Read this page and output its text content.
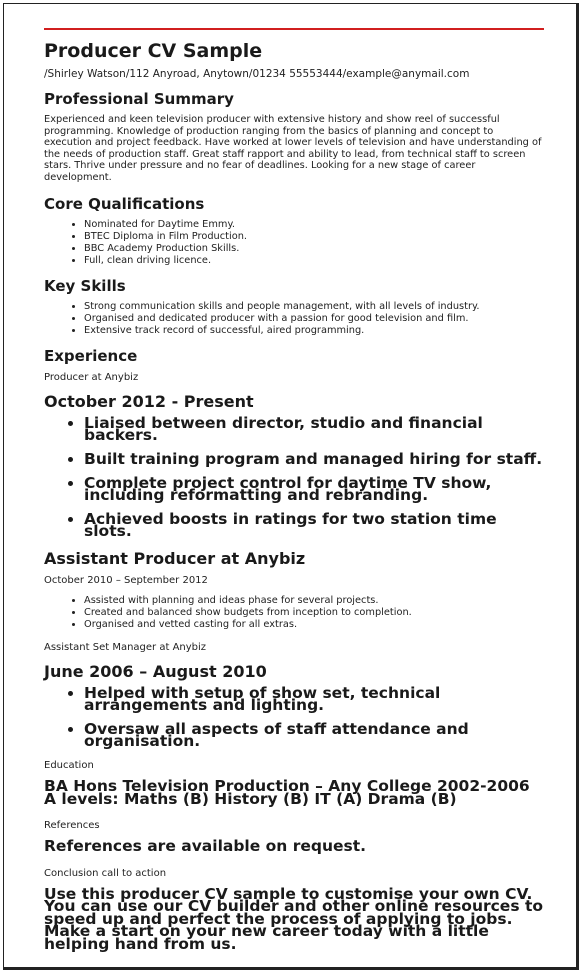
Producer CV Sample
/Shirley Watson/112 Anyroad, Anytown/01234 55553444/example@anymail.com
Professional Summary
Experienced and keen television producer with extensive history and show reel of successful programming. Knowledge of production ranging from the basics of planning and concept to execution and project feedback. Have worked at lower levels of television and have understanding of the needs of production staff. Great staff rapport and ability to lead, from technical staff to screen stars. Thrive under pressure and no fear of deadlines. Looking for a new stage of career development.
Core Qualifications
• Nominated for Daytime Emmy.
• BTEC Diploma in Film Production.
• BBC Academy Production Skills.
• Full, clean driving licence.
Key Skills
• Strong communication skills and people management, with all levels of industry.
• Organised and dedicated producer with a passion for good television and film.
• Extensive track record of successful, aired programming.
Experience
Producer at Anybiz
October 2012 - Present
• Liaised between director, studio and financial backers.
• Built training program and managed hiring for staff.
• Complete project control for daytime TV show, including reformatting and rebranding.
• Achieved boosts in ratings for two station time slots.
Assistant Producer at Anybiz
October 2010 – September 2012
• Assisted with planning and ideas phase for several projects.
• Created and balanced show budgets from inception to completion.
• Organised and vetted casting for all extras.
Assistant Set Manager at Anybiz
June 2006 – August 2010
• Helped with setup of show set, technical arrangements and lighting.
• Oversaw all aspects of staff attendance and organisation.
Education
BA Hons Television Production – Any College 2002-2006 A levels: Maths (B) History (B) IT (A) Drama (B)
References
References are available on request.
Conclusion call to action
Use this producer CV sample to customise your own CV. You can use our CV builder and other online resources to speed up and perfect the process of applying to jobs. Make a start on your new career today with a little helping hand from us.
